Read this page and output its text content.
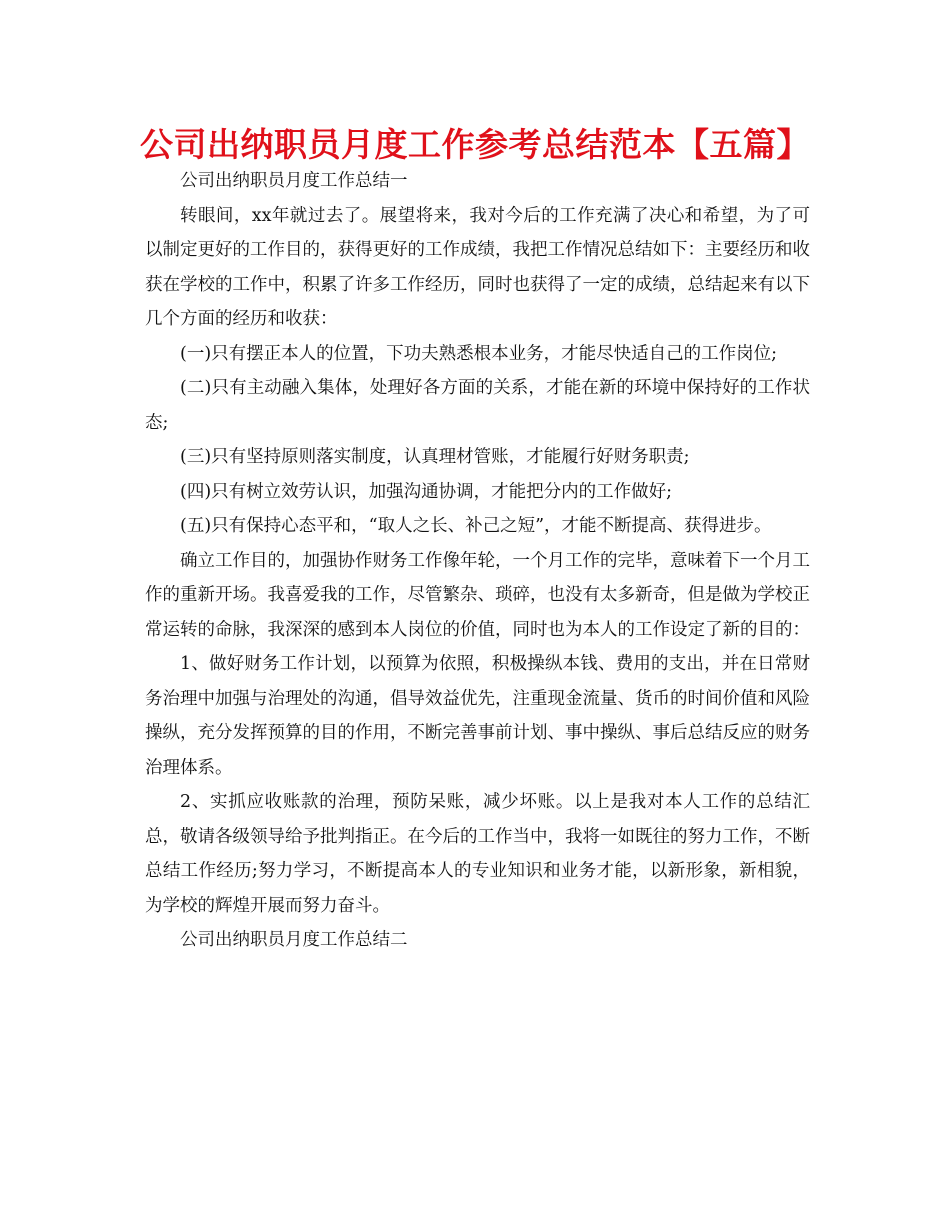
公司出纳职员月度工作参考总结范本【五篇】

公司出纳职员月度工作总结一

转眼间，xx年就过去了。展望将来，我对今后的工作充满了决心和希望，为了可以制定更好的工作目的，获得更好的工作成绩，我把工作情况总结如下：主要经历和收获在学校的工作中，积累了许多工作经历，同时也获得了一定的成绩，总结起来有以下几个方面的经历和收获：

(一)只有摆正本人的位置，下功夫熟悉根本业务，才能尽快适自己的工作岗位;

(二)只有主动融入集体，处理好各方面的关系，才能在新的环境中保持好的工作状态;

(三)只有坚持原则落实制度，认真理材管账，才能履行好财务职责;

(四)只有树立效劳认识，加强沟通协调，才能把分内的工作做好;

(五)只有保持心态平和，“取人之长、补己之短”，才能不断提高、获得进步。

确立工作目的，加强协作财务工作像年轮，一个月工作的完毕，意味着下一个月工作的重新开场。我喜爱我的工作，尽管繁杂、琐碎，也没有太多新奇，但是做为学校正常运转的命脉，我深深的感到本人岗位的价值，同时也为本人的工作设定了新的目的：

1、做好财务工作计划，以预算为依照，积极操纵本钱、费用的支出，并在日常财务治理中加强与治理处的沟通，倡导效益优先，注重现金流量、货币的时间价值和风险操纵，充分发挥预算的目的作用，不断完善事前计划、事中操纵、事后总结反应的财务治理体系。

2、实抓应收账款的治理，预防呆账，减少坏账。以上是我对本人工作的总结汇总，敬请各级领导给予批判指正。在今后的工作当中，我将一如既往的努力工作，不断总结工作经历;努力学习，不断提高本人的专业知识和业务才能，以新形象，新相貌，为学校的辉煌开展而努力奋斗。

公司出纳职员月度工作总结二
